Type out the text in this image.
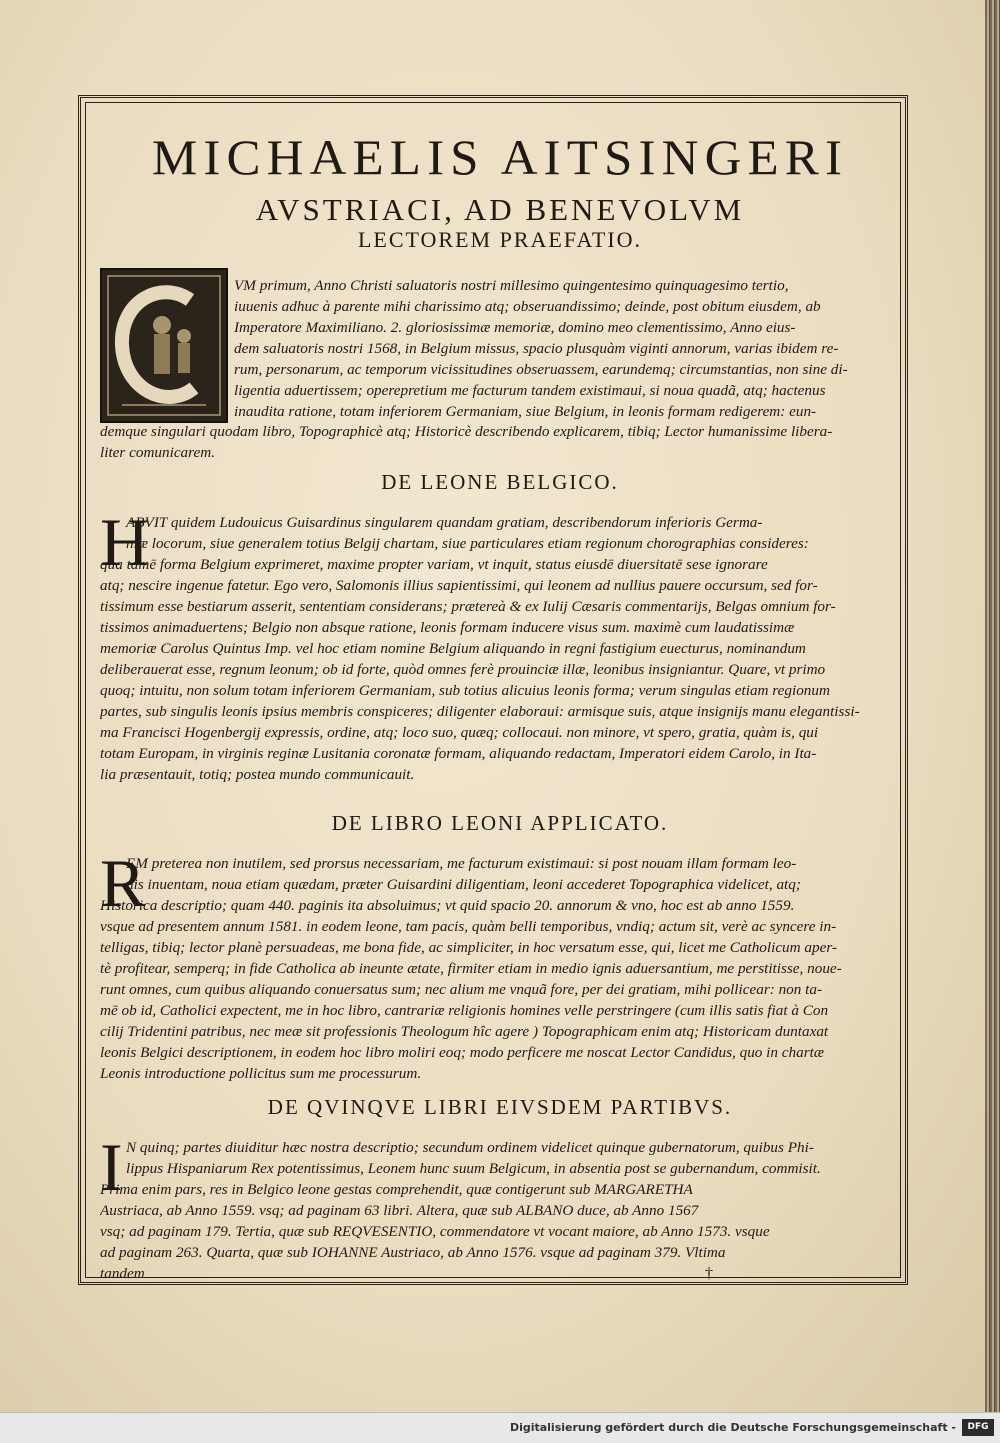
MICHAELIS AITSINGERI
AVSTRIACI, AD BENEVOLVM
LECTOREM PRAEFATIO.
VM primum, Anno Christi saluatoris nostri millesimo quingentesimo quinquagesimo tertio,
iuuenis adhuc à parente mihi charissimo atq; obseruandissimo; deinde, post obitum eiusdem, ab
Imperatore Maximiliano. 2. gloriosissimæ memoriæ, domino meo clementissimo, Anno eius-
dem saluatoris nostri 1568, in Belgium missus, spacio plusquàm viginti annorum, varias ibidem re-
rum, personarum, ac temporum vicissitudines obseruassem, earundemq; circumstantias, non sine di-
ligentia aduertissem; operepretium me facturum tandem existimaui, si noua quadã, atq; hactenus
inaudita ratione, totam inferiorem Germaniam, siue Belgium, in leonis formam redigerem: eun-
demque singulari quodam libro, Topographicè atq; Historicè describendo explicarem, tibiq; Lector humanissime libera-
liter comunicarem.
DE LEONE BELGICO.
H
ABVIT quidem Ludouicus Guisardinus singularem quandam gratiam, describendorum inferioris Germa-
niæ locorum, siue generalem totius Belgij chartam, siue particulares etiam regionum chorographias consideres:
qua tamē forma Belgium exprimeret, maxime propter variam, vt inquit, status eiusdē diuersitatē sese ignorare
atq; nescire ingenue fatetur. Ego vero, Salomonis illius sapientissimi, qui leonem ad nullius pauere occursum, sed for-
tissimum esse bestiarum asserit, sententiam considerans; prætereà & ex Iulij Cæsaris commentarijs, Belgas omnium for-
tissimos animaduertens; Belgio non absque ratione, leonis formam inducere visus sum. maximè cum laudatissimæ
memoriæ Carolus Quintus Imp. vel hoc etiam nomine Belgium aliquando in regni fastigium euecturus, nominandum
deliberauerat esse, regnum leonum; ob id forte, quòd omnes ferè prouinciæ illæ, leonibus insigniantur. Quare, vt primo
quoq; intuitu, non solum totam inferiorem Germaniam, sub totius alicuius leonis forma; verum singulas etiam regionum
partes, sub singulis leonis ipsius membris conspiceres; diligenter elaboraui: armisque suis, atque insignijs manu elegantissi-
ma Francisci Hogenbergij expressis, ordine, atq; loco suo, quæq; collocaui. non minore, vt spero, gratia, quàm is, qui
totam Europam, in virginis reginæ Lusitania coronatæ formam, aliquando redactam, Imperatori eidem Carolo, in Ita-
lia præsentauit, totiq; postea mundo communicauit.
DE LIBRO LEONI APPLICATO.
R
EM preterea non inutilem, sed prorsus necessariam, me facturum existimaui: si post nouam illam formam leo-
nis inuentam, noua etiam quædam, præter Guisardini diligentiam, leoni accederet Topographica videlicet, atq;
Historica descriptio; quam 440. paginis ita absoluimus; vt quid spacio 20. annorum & vno, hoc est ab anno 1559.
vsque ad presentem annum 1581. in eodem leone, tam pacis, quàm belli temporibus, vndiq; actum sit, verè ac syncere in-
telligas, tibiq; lector planè persuadeas, me bona fide, ac simpliciter, in hoc versatum esse, qui, licet me Catholicum aper-
tè profitear, semperq; in fide Catholica ab ineunte ætate, firmiter etiam in medio ignis aduersantium, me perstitisse, noue-
runt omnes, cum quibus aliquando conuersatus sum; nec alium me vnquã fore, per dei gratiam, mihi pollicear: non ta-
mē ob id, Catholici expectent, me in hoc libro, cantrariæ religionis homines velle perstringere (cum illis satis fiat à Con
cilij Tridentini patribus, nec meæ sit professionis Theologum hîc agere ) Topographicam enim atq; Historicam duntaxat
leonis Belgici descriptionem, in eodem hoc libro moliri eoq; modo perficere me noscat Lector Candidus, quo in chartæ
Leonis introductione pollicitus sum me processurum.
DE QVINQVE LIBRI EIVSDEM PARTIBVS.
I N quinq; partes diuiditur hæc nostra descriptio; secundum ordinem videlicet quinque gubernatorum, quibus Phi-
lippus Hispaniarum Rex potentissimus, Leonem hunc suum Belgicum, in absentia post se gubernandum, commisit.
Prima enim pars, res in Belgico leone gestas comprehendit, quæ contigerunt sub MARGARETHA
Austriaca, ab Anno 1559. vsq; ad paginam 63 libri. Altera, quæ sub ALBANO duce, ab Anno 1567
vsq; ad paginam 179. Tertia, quæ sub REQVESENTIO, commendatore vt vocant maiore, ab Anno 1573. vsque
ad paginam 263. Quarta, quæ sub IOHANNE Austriaco, ab Anno 1576. vsque ad paginam 379. Vltima
tandem	†
Digitalisierung gefördert durch die Deutsche Forschungsgemeinschaft -	DFG
